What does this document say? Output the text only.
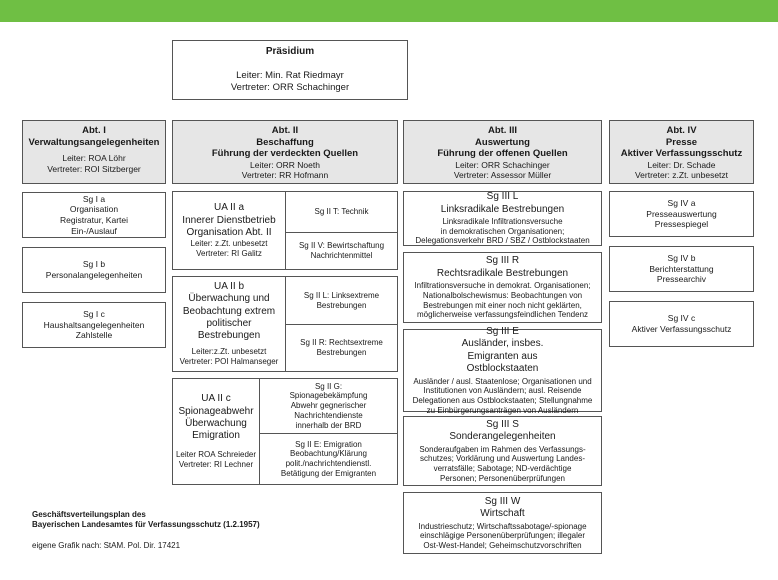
Präsidium
Leiter: Min. Rat Riedmayr
Vertreter: ORR Schachinger
Abt. I
Verwaltungsangelegenheiten
Leiter: ROA Löhr
Vertreter: ROI Sitzberger
Sg I a
Organisation
Registratur, Kartei
Ein-/Auslauf
Sg I b
Personalangelegenheiten
Sg I c
Haushaltsangelegenheiten
Zahlstelle
Abt. II
Beschaffung
Führung der verdeckten Quellen
Leiter: ORR Noeth
Vertreter: RR Hofmann
UA II a
Innerer Dienstbetrieb
Organisation Abt. II
Leiter: z.Zt. unbesetzt
Vertreter: RI Galitz
Sg II T: Technik
Sg II V: Bewirtschaftung
Nachrichtenmittel
UA II b
Überwachung und
Beobachtung extrem
politischer Bestrebungen
Leiter:z.Zt. unbesetzt
Vertreter: POI Halmanseger
Sg II L: Linksextreme
Bestrebungen
Sg II R: Rechtsextreme
Bestrebungen
UA II c
Spionageabwehr
Überwachung Emigration
Leiter ROA Schreieder
Vertreter: RI Lechner
Sg II G:
Spionagebekämpfung
Abwehr gegnerischer
Nachrichtendienste
innerhalb der BRD
Sg II E: Emigration
Beobachtung/Klärung
polit./nachrichtendienstl.
Betätigung der Emigranten
Abt. III
Auswertung
Führung der offenen Quellen
Leiter: ORR Schachinger
Vertreter: Assessor Müller
Sg III L
Linksradikale Bestrebungen
Linksradikale Infiltrationsversuche
in demokratischen Organisationen;
Delegationsverkehr BRD / SBZ / Ostblockstaaten
Sg III R
Rechtsradikale Bestrebungen
Infiltrationsversuche in demokrat. Organisationen;
Nationalbolschewismus: Beobachtungen von
Bestrebungen mit einer noch nicht geklärten,
möglicherweise verfassungsfeindlichen Tendenz
Sg III E
Ausländer, insbes. Emigranten aus Ostblockstaaten
Ausländer / ausl. Staatenlose; Organisationen und
Institutionen von Ausländern; ausl. Reisende
Delegationen aus Ostblockstaaten; Stellungnahme
zu Einbürgerungsanträgen von Ausländern
Sg III S
Sonderangelegenheiten
Sonderaufgaben im Rahmen des Verfassungs-
schutzes; Vorklärung und Auswertung Landes-
verratsfälle; Sabotage; ND-verdächtige
Personen; Personenüberprüfungen
Sg III W
Wirtschaft
Industrieschutz; Wirtschaftssabotage/-spionage
einschlägige Personenüberprüfungen; illegaler
Ost-West-Handel; Geheimschutzvorschriften
Abt. IV
Presse
Aktiver Verfassungsschutz
Leiter: Dr. Schade
Vertreter: z.Zt. unbesetzt
Sg IV a
Presseauswertung
Pressespiegel
Sg IV b
Berichterstattung
Pressearchiv
Sg IV c
Aktiver Verfassungsschutz
Geschäftsverteilungsplan des
Bayerischen Landesamtes für Verfassungsschutz (1.2.1957)
eigene Grafik nach: StAM. Pol. Dir. 17421
